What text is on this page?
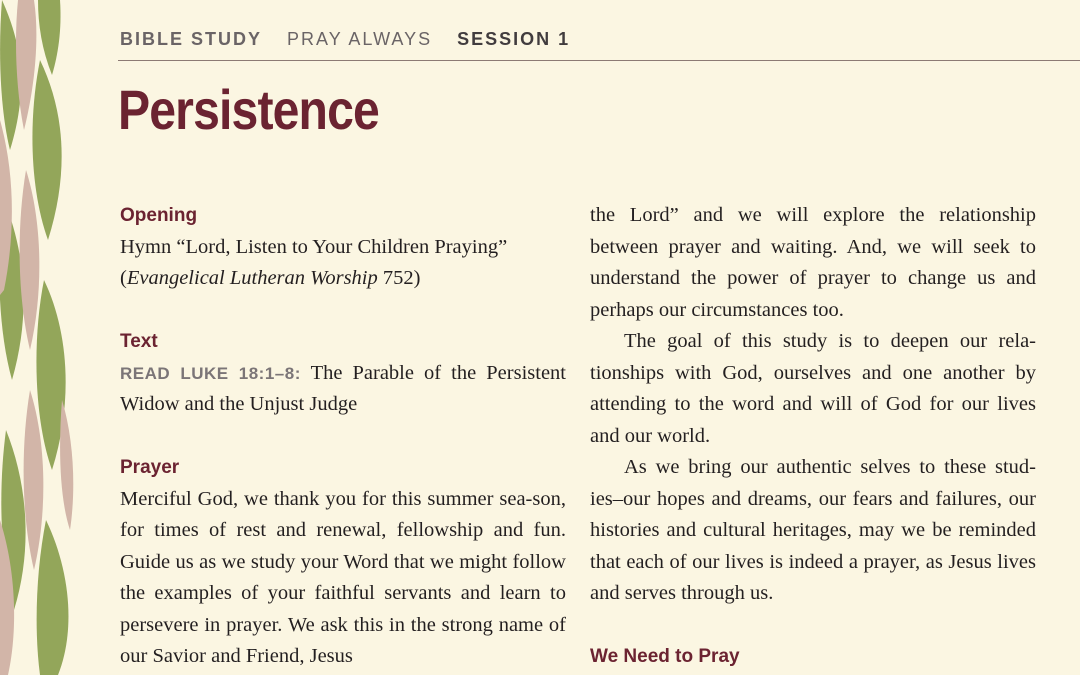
BIBLE STUDY PRAY ALWAYS SESSION 1
Persistence
Opening

Hymn “Lord, Listen to Your Children Praying”
(Evangelical Lutheran Worship 752)

Text

READ LUKE 18:1–8: The Parable of the Persistent Widow and the Unjust Judge

Prayer

Merciful God, we thank you for this summer sea-son, for times of rest and renewal, fellowship and fun. Guide us as we study your Word that we might follow the examples of your faithful servants and learn to persevere in prayer. We ask this in the strong name of our Savior and Friend, Jesus

the Lord” and we will explore the relationship between prayer and waiting. And, we will seek to understand the power of prayer to change us and perhaps our circumstances too.

The goal of this study is to deepen our rela-tionships with God, ourselves and one another by attending to the word and will of God for our lives and our world.

As we bring our authentic selves to these stud-ies–our hopes and dreams, our fears and failures, our histories and cultural heritages, may we be reminded that each of our lives is indeed a prayer, as Jesus lives and serves through us.

We Need to Pray
